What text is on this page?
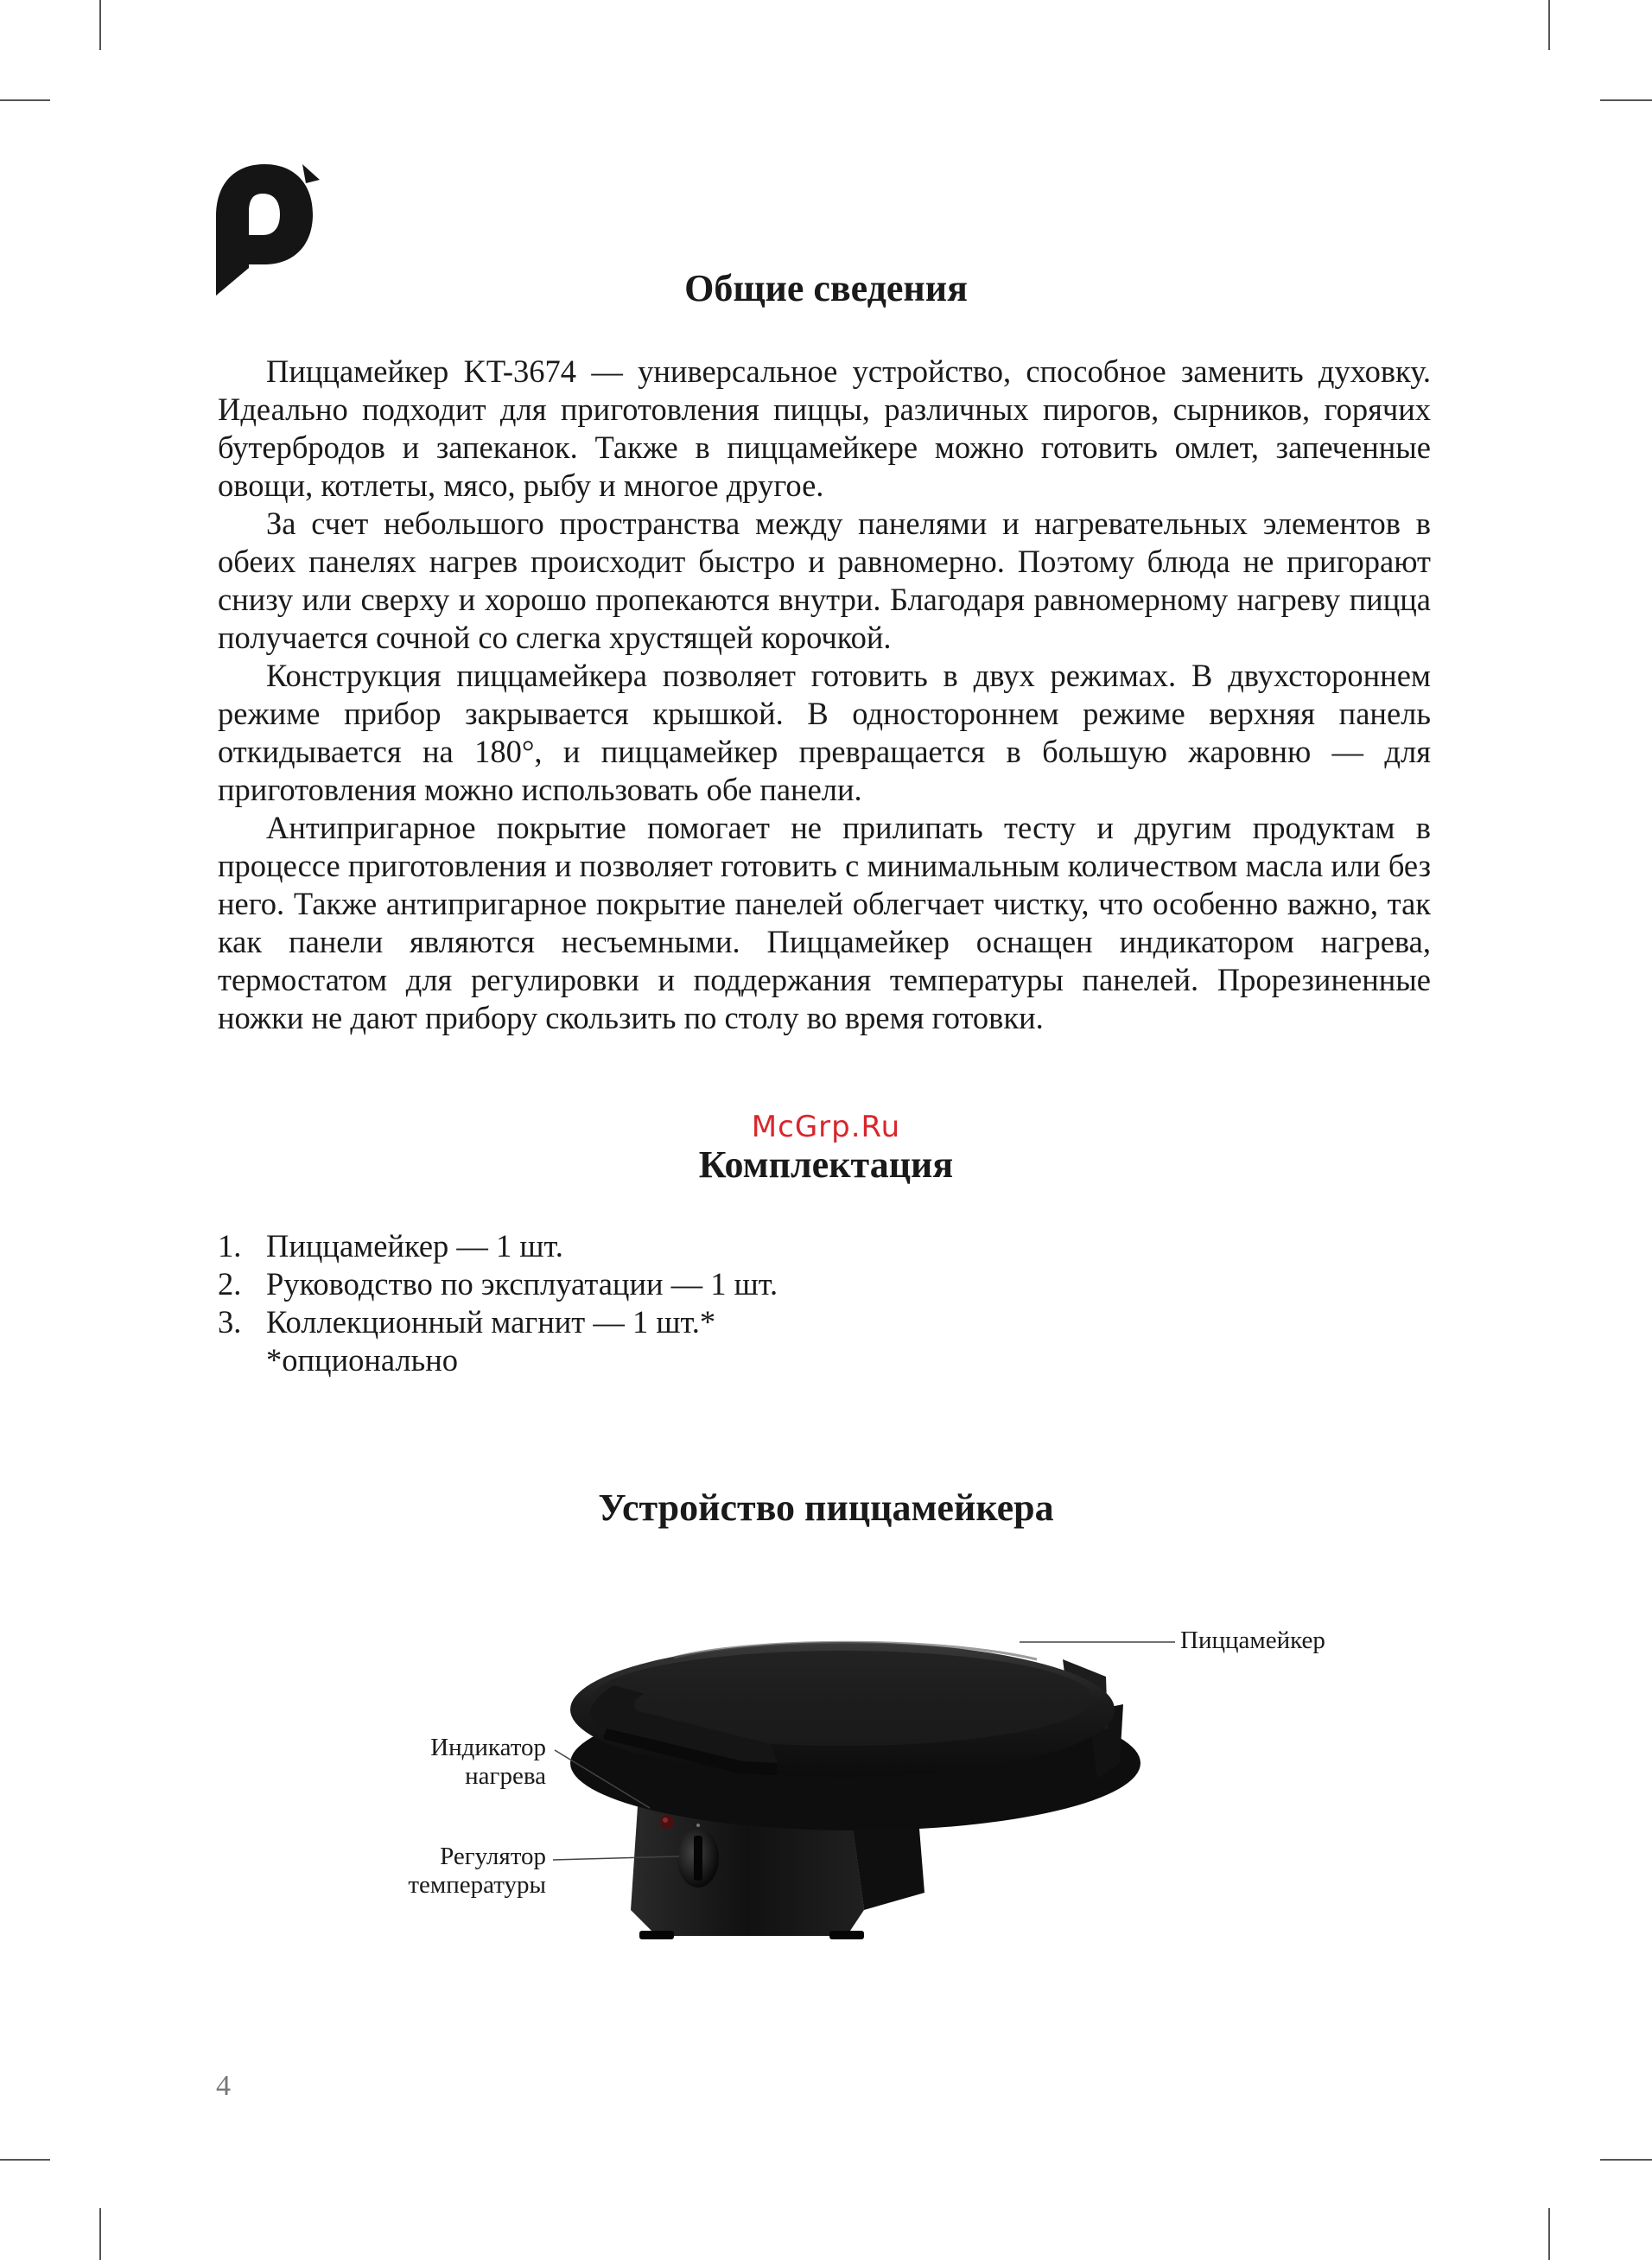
Общие сведения

Пиццамейкер KT-3674 — универсальное устройство, способное заменить духовку. Идеально подходит для приготовления пиццы, различных пирогов, сырников, горячих бутербродов и запеканок. Также в пиццамейкере можно готовить омлет, запеченные овощи, котлеты, мясо, рыбу и многое другое.

За счет небольшого пространства между панелями и нагревательных элементов в обеих панелях нагрев происходит быстро и равномерно. Поэтому блюда не пригорают снизу или сверху и хорошо пропекаются внутри. Благодаря равномерному нагреву пицца получается сочной со слегка хрустящей корочкой.

Конструкция пиццамейкера позволяет готовить в двух режимах. В двухстороннем режиме прибор закрывается крышкой. В одностороннем режиме верхняя панель откидывается на 180°, и пиццамейкер превращается в большую жаровню — для приготовления можно использовать обе панели.

Антипригарное покрытие помогает не прилипать тесту и другим продуктам в процессе приготовления и позволяет готовить с минимальным количеством масла или без него. Также антипригарное покрытие панелей облегчает чистку, что особенно важно, так как панели являются несъемными. Пиццамейкер оснащен индикатором нагрева, термостатом для регулировки и поддержания температуры панелей. Прорезиненные ножки не дают прибору скользить по столу во время готовки.

McGrp.Ru
Комплектация
1. Пиццамейкер — 1 шт.
2. Руководство по эксплуатации — 1 шт.
3. Коллекционный магнит — 1 шт.*
*опционально
Устройство пиццамейкера
Пиццамейкер
Индикатор
нагрева
Регулятор
температуры
4
